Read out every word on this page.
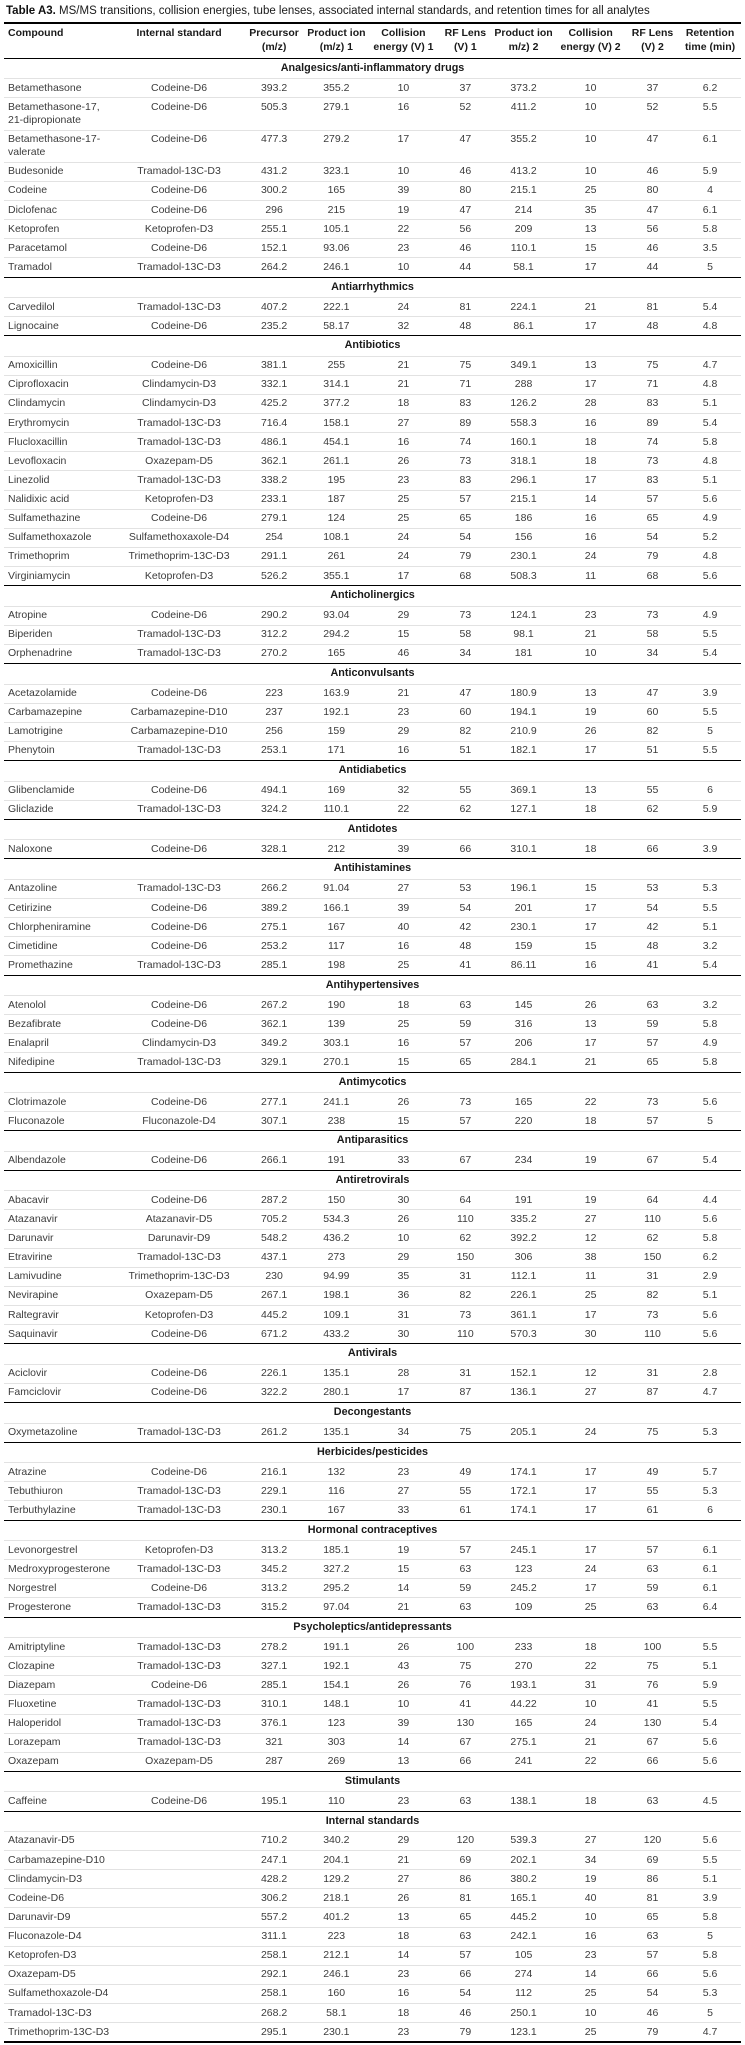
Table A3. MS/MS transitions, collision energies, tube lenses, associated internal standards, and retention times for all analytes
Compound	Internal standard	Precursor (m/z)	Product ion (m/z) 1	Collision energy (V) 1	RF Lens (V) 1	Product ion m/z) 2	Collision energy (V) 2	RF Lens (V) 2	Retention time (min)
Analgesics/anti-inflammatory drugs									
Betamethasone	Codeine-D6	393.2	355.2	10	37	373.2	10	37	6.2
Betamethasone-17, 21-dipropionate	Codeine-D6	505.3	279.1	16	52	411.2	10	52	5.5
Betamethasone-17-valerate	Codeine-D6	477.3	279.2	17	47	355.2	10	47	6.1
Budesonide	Tramadol-13C-D3	431.2	323.1	10	46	413.2	10	46	5.9
Codeine	Codeine-D6	300.2	165	39	80	215.1	25	80	4
Diclofenac	Codeine-D6	296	215	19	47	214	35	47	6.1
Ketoprofen	Ketoprofen-D3	255.1	105.1	22	56	209	13	56	5.8
Paracetamol	Codeine-D6	152.1	93.06	23	46	110.1	15	46	3.5
Tramadol	Tramadol-13C-D3	264.2	246.1	10	44	58.1	17	44	5
Antiarrhythmics									
Carvedilol	Tramadol-13C-D3	407.2	222.1	24	81	224.1	21	81	5.4
Lignocaine	Codeine-D6	235.2	58.17	32	48	86.1	17	48	4.8
Antibiotics									
Amoxicillin	Codeine-D6	381.1	255	21	75	349.1	13	75	4.7
Ciprofloxacin	Clindamycin-D3	332.1	314.1	21	71	288	17	71	4.8
Clindamycin	Clindamycin-D3	425.2	377.2	18	83	126.2	28	83	5.1
Erythromycin	Tramadol-13C-D3	716.4	158.1	27	89	558.3	16	89	5.4
Flucloxacillin	Tramadol-13C-D3	486.1	454.1	16	74	160.1	18	74	5.8
Levofloxacin	Oxazepam-D5	362.1	261.1	26	73	318.1	18	73	4.8
Linezolid	Tramadol-13C-D3	338.2	195	23	83	296.1	17	83	5.1
Nalidixic acid	Ketoprofen-D3	233.1	187	25	57	215.1	14	57	5.6
Sulfamethazine	Codeine-D6	279.1	124	25	65	186	16	65	4.9
Sulfamethoxazole	Sulfamethoxaxole-D4	254	108.1	24	54	156	16	54	5.2
Trimethoprim	Trimethoprim-13C-D3	291.1	261	24	79	230.1	24	79	4.8
Virginiamycin	Ketoprofen-D3	526.2	355.1	17	68	508.3	11	68	5.6
Anticholinergics									
Atropine	Codeine-D6	290.2	93.04	29	73	124.1	23	73	4.9
Biperiden	Tramadol-13C-D3	312.2	294.2	15	58	98.1	21	58	5.5
Orphenadrine	Tramadol-13C-D3	270.2	165	46	34	181	10	34	5.4
Anticonvulsants									
Acetazolamide	Codeine-D6	223	163.9	21	47	180.9	13	47	3.9
Carbamazepine	Carbamazepine-D10	237	192.1	23	60	194.1	19	60	5.5
Lamotrigine	Carbamazepine-D10	256	159	29	82	210.9	26	82	5
Phenytoin	Tramadol-13C-D3	253.1	171	16	51	182.1	17	51	5.5
Antidiabetics									
Glibenclamide	Codeine-D6	494.1	169	32	55	369.1	13	55	6
Gliclazide	Tramadol-13C-D3	324.2	110.1	22	62	127.1	18	62	5.9
Antidotes									
Naloxone	Codeine-D6	328.1	212	39	66	310.1	18	66	3.9
Antihistamines									
Antazoline	Tramadol-13C-D3	266.2	91.04	27	53	196.1	15	53	5.3
Cetirizine	Codeine-D6	389.2	166.1	39	54	201	17	54	5.5
Chlorpheniramine	Codeine-D6	275.1	167	40	42	230.1	17	42	5.1
Cimetidine	Codeine-D6	253.2	117	16	48	159	15	48	3.2
Promethazine	Tramadol-13C-D3	285.1	198	25	41	86.11	16	41	5.4
Antihypertensives									
Atenolol	Codeine-D6	267.2	190	18	63	145	26	63	3.2
Bezafibrate	Codeine-D6	362.1	139	25	59	316	13	59	5.8
Enalapril	Clindamycin-D3	349.2	303.1	16	57	206	17	57	4.9
Nifedipine	Tramadol-13C-D3	329.1	270.1	15	65	284.1	21	65	5.8
Antimycotics									
Clotrimazole	Codeine-D6	277.1	241.1	26	73	165	22	73	5.6
Fluconazole	Fluconazole-D4	307.1	238	15	57	220	18	57	5
Antiparasitics									
Albendazole	Codeine-D6	266.1	191	33	67	234	19	67	5.4
Antiretrovirals									
Abacavir	Codeine-D6	287.2	150	30	64	191	19	64	4.4
Atazanavir	Atazanavir-D5	705.2	534.3	26	110	335.2	27	110	5.6
Darunavir	Darunavir-D9	548.2	436.2	10	62	392.2	12	62	5.8
Etravirine	Tramadol-13C-D3	437.1	273	29	150	306	38	150	6.2
Lamivudine	Trimethoprim-13C-D3	230	94.99	35	31	112.1	11	31	2.9
Nevirapine	Oxazepam-D5	267.1	198.1	36	82	226.1	25	82	5.1
Raltegravir	Ketoprofen-D3	445.2	109.1	31	73	361.1	17	73	5.6
Saquinavir	Codeine-D6	671.2	433.2	30	110	570.3	30	110	5.6
Antivirals									
Aciclovir	Codeine-D6	226.1	135.1	28	31	152.1	12	31	2.8
Famciclovir	Codeine-D6	322.2	280.1	17	87	136.1	27	87	4.7
Decongestants									
Oxymetazoline	Tramadol-13C-D3	261.2	135.1	34	75	205.1	24	75	5.3
Herbicides/pesticides									
Atrazine	Codeine-D6	216.1	132	23	49	174.1	17	49	5.7
Tebuthiuron	Tramadol-13C-D3	229.1	116	27	55	172.1	17	55	5.3
Terbuthylazine	Tramadol-13C-D3	230.1	167	33	61	174.1	17	61	6
Hormonal contraceptives									
Levonorgestrel	Ketoprofen-D3	313.2	185.1	19	57	245.1	17	57	6.1
Medroxyprogesterone	Tramadol-13C-D3	345.2	327.2	15	63	123	24	63	6.1
Norgestrel	Codeine-D6	313.2	295.2	14	59	245.2	17	59	6.1
Progesterone	Tramadol-13C-D3	315.2	97.04	21	63	109	25	63	6.4
Psycholeptics/antidepressants									
Amitriptyline	Tramadol-13C-D3	278.2	191.1	26	100	233	18	100	5.5
Clozapine	Tramadol-13C-D3	327.1	192.1	43	75	270	22	75	5.1
Diazepam	Codeine-D6	285.1	154.1	26	76	193.1	31	76	5.9
Fluoxetine	Tramadol-13C-D3	310.1	148.1	10	41	44.22	10	41	5.5
Haloperidol	Tramadol-13C-D3	376.1	123	39	130	165	24	130	5.4
Lorazepam	Tramadol-13C-D3	321	303	14	67	275.1	21	67	5.6
Oxazepam	Oxazepam-D5	287	269	13	66	241	22	66	5.6
Stimulants									
Caffeine	Codeine-D6	195.1	110	23	63	138.1	18	63	4.5
Internal standards									
Atazanavir-D5		710.2	340.2	29	120	539.3	27	120	5.6
Carbamazepine-D10		247.1	204.1	21	69	202.1	34	69	5.5
Clindamycin-D3		428.2	129.2	27	86	380.2	19	86	5.1
Codeine-D6		306.2	218.1	26	81	165.1	40	81	3.9
Darunavir-D9		557.2	401.2	13	65	445.2	10	65	5.8
Fluconazole-D4		311.1	223	18	63	242.1	16	63	5
Ketoprofen-D3		258.1	212.1	14	57	105	23	57	5.8
Oxazepam-D5		292.1	246.1	23	66	274	14	66	5.6
Sulfamethoxazole-D4		258.1	160	16	54	112	25	54	5.3
Tramadol-13C-D3		268.2	58.1	18	46	250.1	10	46	5
Trimethoprim-13C-D3		295.1	230.1	23	79	123.1	25	79	4.7
